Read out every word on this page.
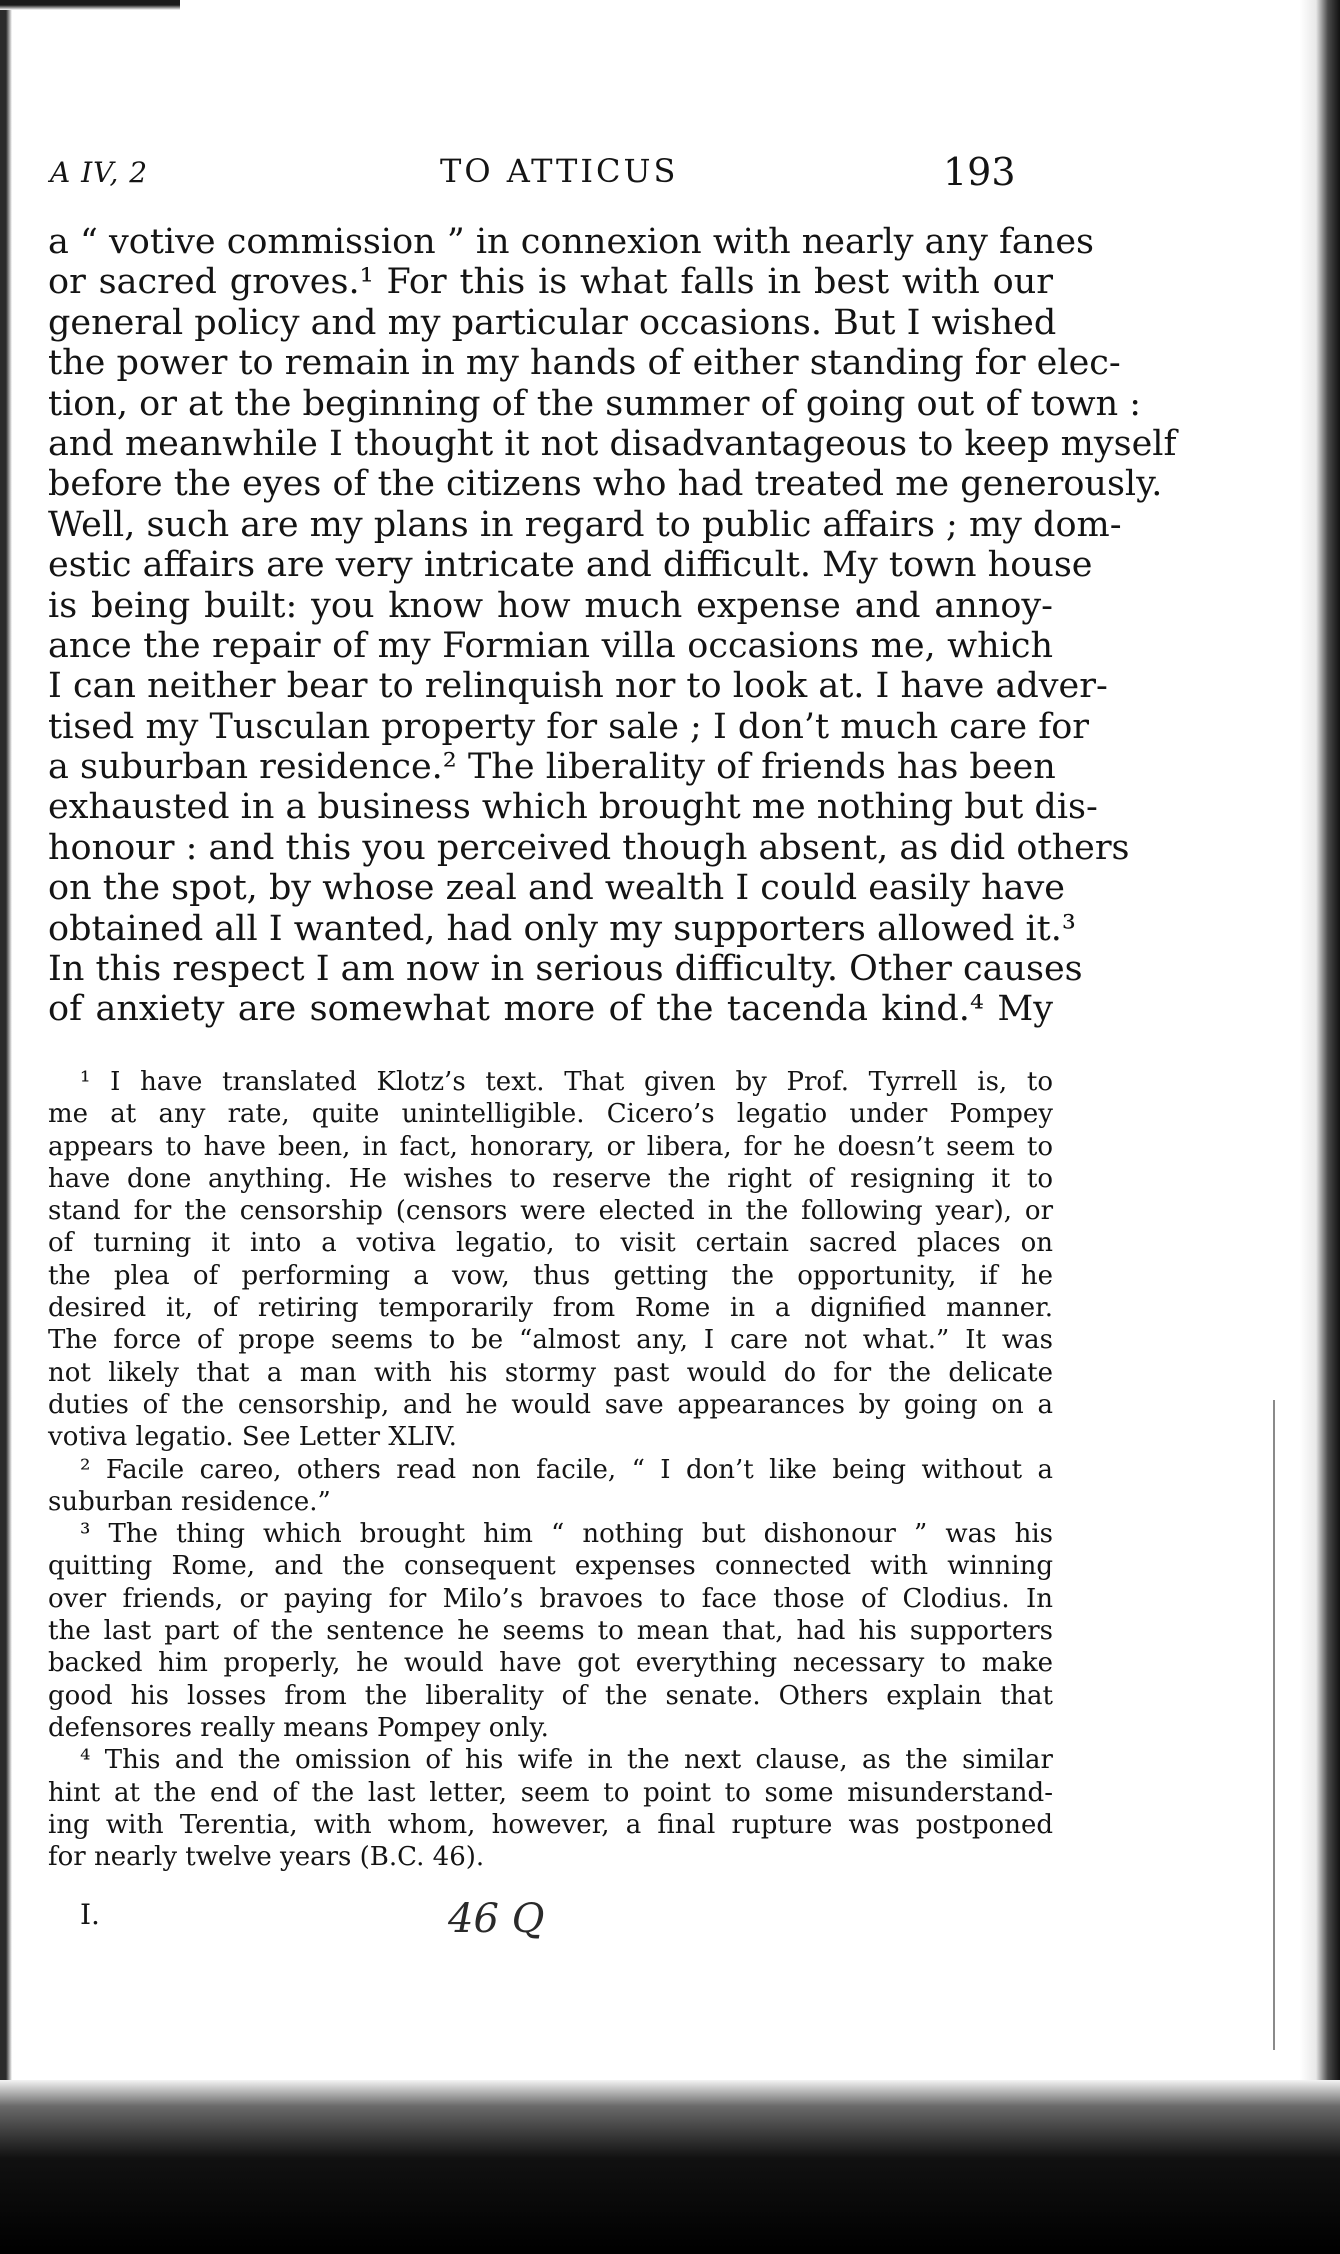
A IV, 2	TO ATTICUS	193
a “ votive commission ” in connexion with nearly any fanes
or sacred groves.¹ For this is what falls in best with our
general policy and my particular occasions. But I wished
the power to remain in my hands of either standing for elec-
tion, or at the beginning of the summer of going out of town :
and meanwhile I thought it not disadvantageous to keep myself
before the eyes of the citizens who had treated me generously.
Well, such are my plans in regard to public affairs ; my dom-
estic affairs are very intricate and difficult. My town house
is being built: you know how much expense and annoy-
ance the repair of my Formian villa occasions me, which
I can neither bear to relinquish nor to look at. I have adver-
tised my Tusculan property for sale ; I don’t much care for
a suburban residence.² The liberality of friends has been
exhausted in a business which brought me nothing but dis-
honour : and this you perceived though absent, as did others
on the spot, by whose zeal and wealth I could easily have
obtained all I wanted, had only my supporters allowed it.³
In this respect I am now in serious difficulty. Other causes
of anxiety are somewhat more of the tacenda kind.⁴ My
¹ I have translated Klotz’s text. That given by Prof. Tyrrell is, to
me at any rate, quite unintelligible. Cicero’s legatio under Pompey
appears to have been, in fact, honorary, or libera, for he doesn’t seem to
have done anything. He wishes to reserve the right of resigning it to
stand for the censorship (censors were elected in the following year), or
of turning it into a votiva legatio, to visit certain sacred places on
the plea of performing a vow, thus getting the opportunity, if he
desired it, of retiring temporarily from Rome in a dignified manner.
The force of prope seems to be “almost any, I care not what.” It was
not likely that a man with his stormy past would do for the delicate
duties of the censorship, and he would save appearances by going on a
votiva legatio. See Letter XLIV.
² Facile careo, others read non facile, “ I don’t like being without a
suburban residence.”
³ The thing which brought him “ nothing but dishonour ” was his
quitting Rome, and the consequent expenses connected with winning
over friends, or paying for Milo’s bravoes to face those of Clodius. In
the last part of the sentence he seems to mean that, had his supporters
backed him properly, he would have got everything necessary to make
good his losses from the liberality of the senate. Others explain that
defensores really means Pompey only.
⁴ This and the omission of his wife in the next clause, as the similar
hint at the end of the last letter, seem to point to some misunderstand-
ing with Terentia, with whom, however, a final rupture was postponed
for nearly twelve years (B.C. 46).
I.	46 Q
